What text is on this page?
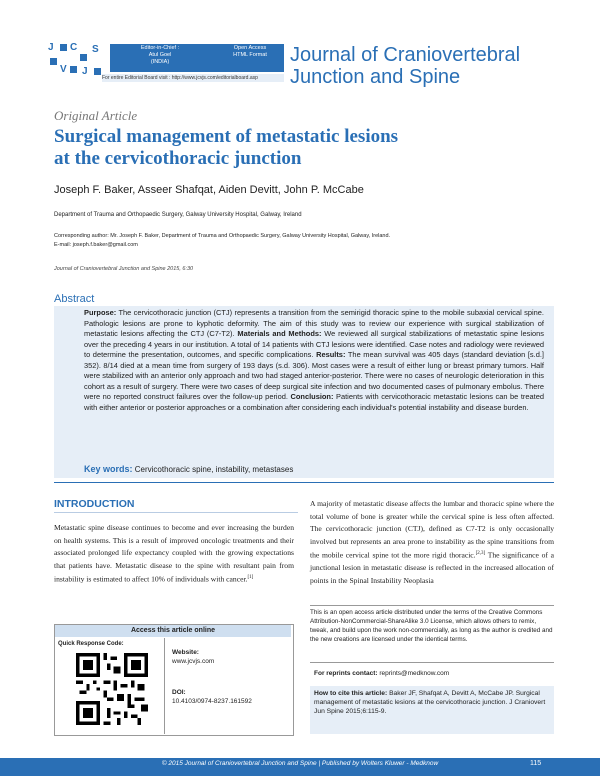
J C S
V J
Editor-in-Chief :
Atul Goel
(INDIA)
Open Access
HTML Format
For entire Editorial Board visit : http://www.jcvjs.com/editorialboard.asp
Journal of Craniovertebral
Junction and Spine
Original Article
Surgical management of metastatic lesions
at the cervicothoracic junction
Joseph F. Baker, Asseer Shafqat, Aiden Devitt, John P. McCabe
Department of Trauma and Orthopaedic Surgery, Galway University Hospital, Galway, Ireland
Corresponding author: Mr. Joseph F. Baker, Department of Trauma and Orthopaedic Surgery, Galway University Hospital, Galway, Ireland.
E-mail: joseph.f.baker@gmail.com
Journal of Craniovertebral Junction and Spine 2015, 6:30
Abstract
Purpose: The cervicothoracic junction (CTJ) represents a transition from the semirigid thoracic spine to the mobile subaxial cervical spine. Pathologic lesions are prone to kyphotic deformity. The aim of this study was to review our experience with surgical stabilization of metastatic lesions affecting the CTJ (C7-T2). Materials and Methods: We reviewed all surgical stabilizations of metastatic spine lesions over the preceding 4 years in our institution. A total of 14 patients with CTJ lesions were identified. Case notes and radiology were reviewed to determine the presentation, outcomes, and specific complications. Results: The mean survival was 405 days (standard deviation [s.d.] 352). 8/14 died at a mean time from surgery of 193 days (s.d. 306). Most cases were a result of either lung or breast primary tumors. Half were stabilized with an anterior only approach and two had staged anterior-posterior. There were no cases of neurologic deterioration in this cohort as a result of surgery. There were two cases of deep surgical site infection and two documented cases of pulmonary embolus. There were no reported construct failures over the follow-up period. Conclusion: Patients with cervicothoracic metastatic lesions can be treated with either anterior or posterior approaches or a combination after considering each individual's potential instability and disease burden.
Key words: Cervicothoracic spine, instability, metastases
INTRODUCTION
Metastatic spine disease continues to become and ever increasing the burden on health systems. This is a result of improved oncologic treatments and their associated prolonged life expectancy coupled with the growing expectations that patients have. Metastatic disease to the spine with resultant pain from instability is estimated to affect 10% of individuals with cancer.[1]
A majority of metastatic disease affects the lumbar and thoracic spine where the total volume of bone is greater while the cervical spine is less often affected. The cervicothoracic junction (CTJ), defined as C7-T2 is only occasionally involved but represents an area prone to instability as the spine transitions from the mobile cervical spine tot the more rigid thoracic.[2,3] The significance of a junctional lesion in metastatic disease is reflected in the increased allocation of points in the Spinal Instability Neoplasia
Access this article online
Quick Response Code:
Website:
www.jcvjs.com
DOI:
10.4103/0974-8237.161592
This is an open access article distributed under the terms of the Creative Commons Attribution-NonCommercial-ShareAlike 3.0 License, which allows others to remix, tweak, and build upon the work non-commercially, as long as the author is credited and the new creations are licensed under the identical terms.
For reprints contact: reprints@medknow.com
How to cite this article: Baker JF, Shafqat A, Devitt A, McCabe JP. Surgical management of metastatic lesions at the cervicothoracic junction. J Craniovert Jun Spine 2015;6:115-9.
© 2015 Journal of Craniovertebral Junction and Spine | Published by Wolters Kluwer - Medknow	115
